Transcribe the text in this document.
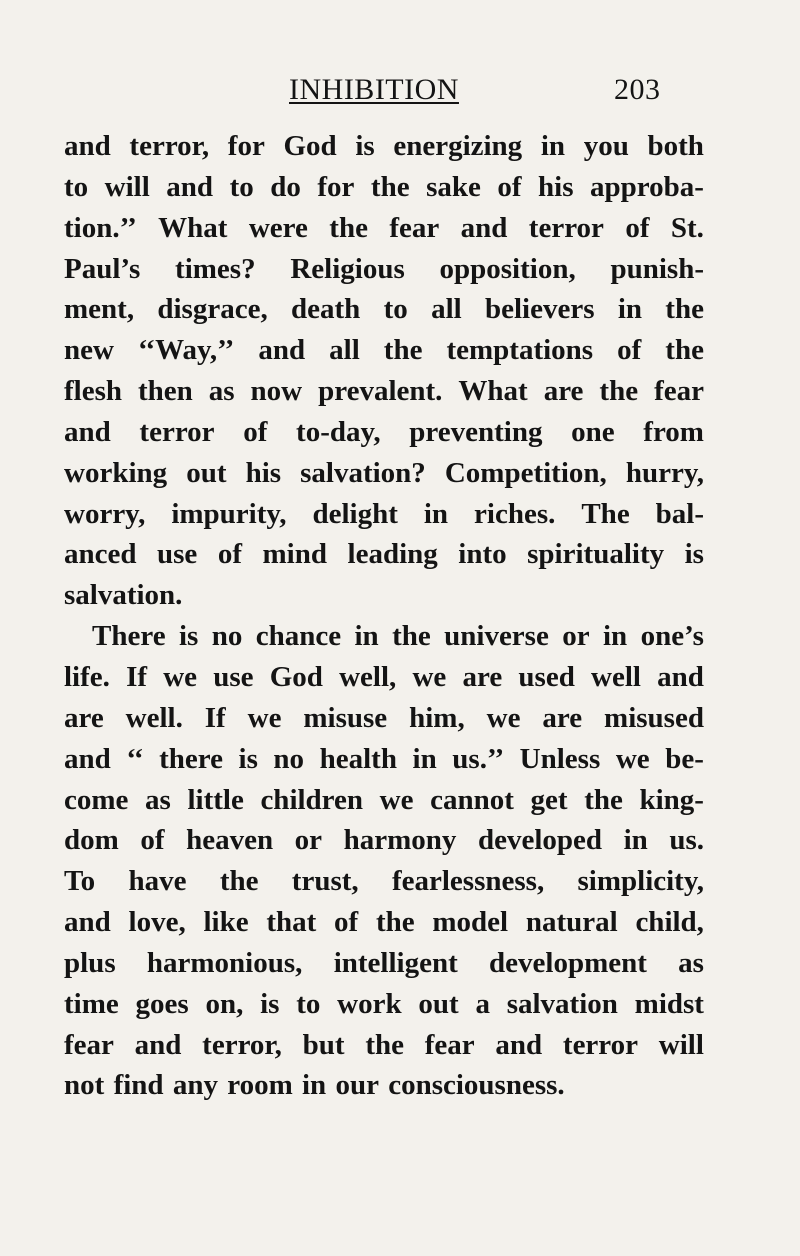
INHIBITION	203
and terror, for God is energizing in you both
to will and to do for the sake of his approba-
tion.’’ What were the fear and terror of St.
Paul’s times? Religious opposition, punish-
ment, disgrace, death to all believers in the
new ‘‘Way,’’ and all the temptations of the
flesh then as now prevalent. What are the fear
and terror of to-day, preventing one from
working out his salvation? Competition, hurry,
worry, impurity, delight in riches. The bal-
anced use of mind leading into spirituality is
salvation.
There is no chance in the universe or in one’s
life. If we use God well, we are used well and
are well. If we misuse him, we are misused
and ‘‘ there is no health in us.’’ Unless we be-
come as little children we cannot get the king-
dom of heaven or harmony developed in us.
To have the trust, fearlessness, simplicity,
and love, like that of the model natural child,
plus harmonious, intelligent development as
time goes on, is to work out a salvation midst
fear and terror, but the fear and terror will
not find any room in our consciousness.
